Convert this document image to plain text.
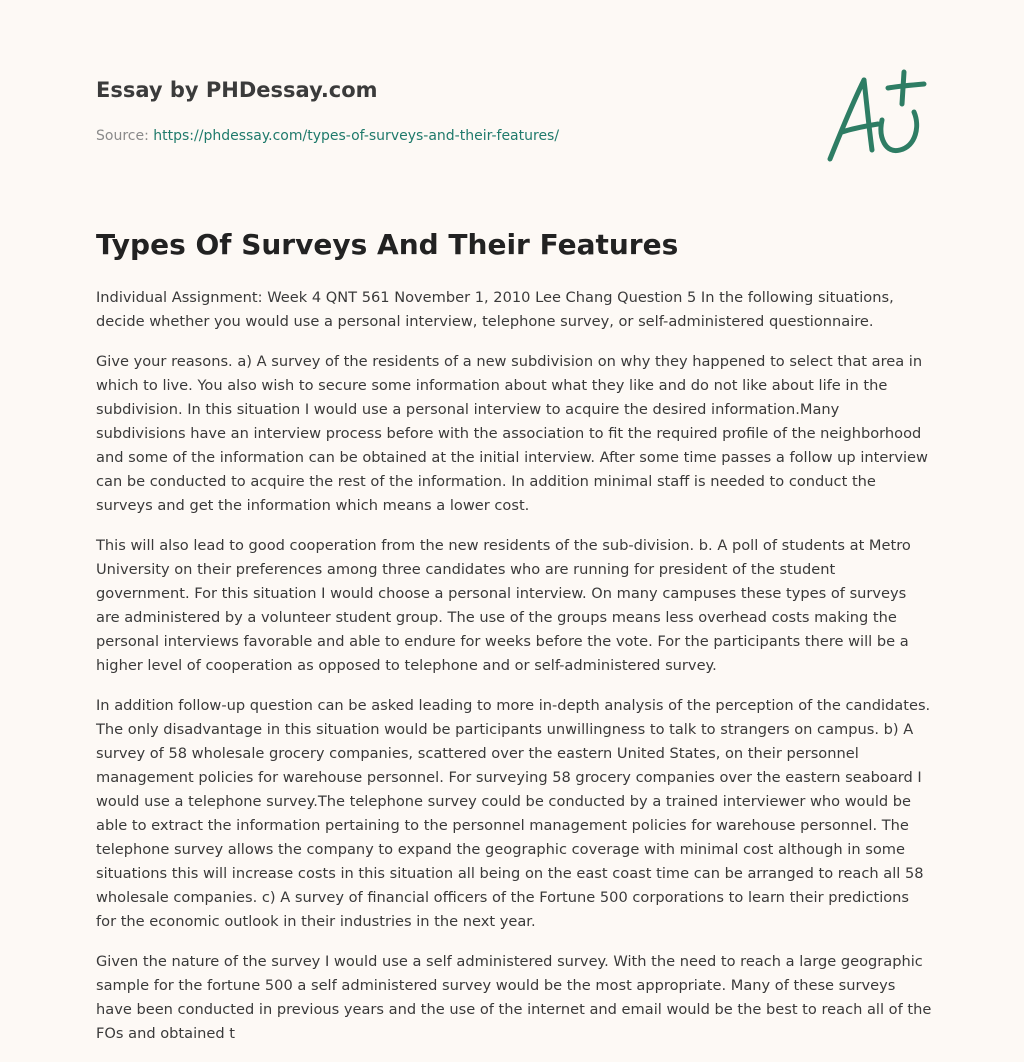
Essay by PHDessay.com
Source: https://phdessay.com/types-of-surveys-and-their-features/
Types Of Surveys And Their Features

Individual Assignment: Week 4 QNT 561 November 1, 2010 Lee Chang Question 5 In the following situations, decide whether you would use a personal interview, telephone survey, or self-administered questionnaire.

Give your reasons. a) A survey of the residents of a new subdivision on why they happened to select that area in which to live. You also wish to secure some information about what they like and do not like about life in the subdivision. In this situation I would use a personal interview to acquire the desired information.Many subdivisions have an interview process before with the association to fit the required profile of the neighborhood and some of the information can be obtained at the initial interview. After some time passes a follow up interview can be conducted to acquire the rest of the information. In addition minimal staff is needed to conduct the surveys and get the information which means a lower cost.

This will also lead to good cooperation from the new residents of the sub-division. b. A poll of students at Metro University on their preferences among three candidates who are running for president of the student government. For this situation I would choose a personal interview. On many campuses these types of surveys are administered by a volunteer student group. The use of the groups means less overhead costs making the personal interviews favorable and able to endure for weeks before the vote. For the participants there will be a higher level of cooperation as opposed to telephone and or self-administered survey.

In addition follow-up question can be asked leading to more in-depth analysis of the perception of the candidates. The only disadvantage in this situation would be participants unwillingness to talk to strangers on campus. b) A survey of 58 wholesale grocery companies, scattered over the eastern United States, on their personnel management policies for warehouse personnel. For surveying 58 grocery companies over the eastern seaboard I would use a telephone survey.The telephone survey could be conducted by a trained interviewer who would be able to extract the information pertaining to the personnel management policies for warehouse personnel. The telephone survey allows the company to expand the geographic coverage with minimal cost although in some situations this will increase costs in this situation all being on the east coast time can be arranged to reach all 58 wholesale companies. c) A survey of financial officers of the Fortune 500 corporations to learn their predictions for the economic outlook in their industries in the next year.

Given the nature of the survey I would use a self administered survey. With the need to reach a large geographic sample for the fortune 500 a self administered survey would be the most appropriate. Many of these surveys have been conducted in previous years and the use of the internet and email would be the best to reach all of the FOs and obtained t
